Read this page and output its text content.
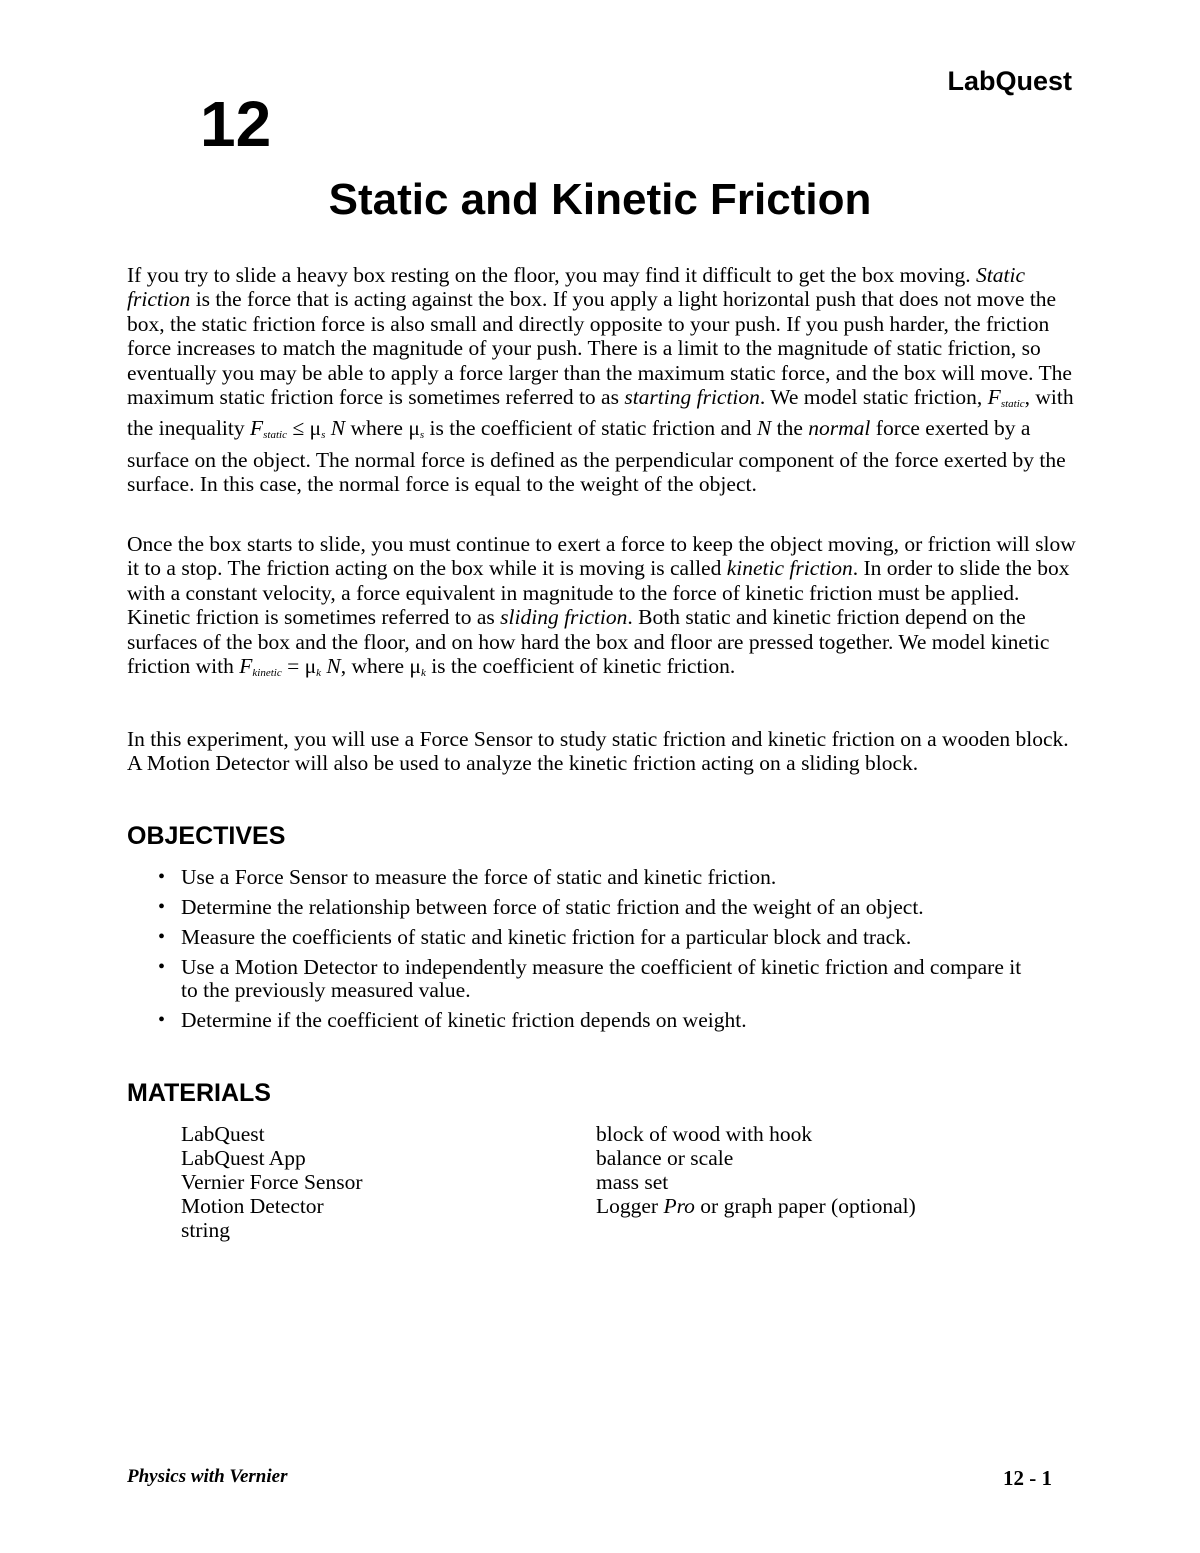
LabQuest

12
Static and Kinetic Friction

If you try to slide a heavy box resting on the floor, you may find it difficult to get the box moving. Static friction is the force that is acting against the box. If you apply a light horizontal push that does not move the box, the static friction force is also small and directly opposite to your push. If you push harder, the friction force increases to match the magnitude of your push. There is a limit to the magnitude of static friction, so eventually you may be able to apply a force larger than the maximum static force, and the box will move. The maximum static friction force is sometimes referred to as starting friction. We model static friction, $F_{static}$, with the inequality $F_{static} \le \mu_s$ N where $\mu_s$ is the coefficient of static friction and N the normal force exerted by a surface on the object. The normal force is defined as the perpendicular component of the force exerted by the surface. In this case, the normal force is equal to the weight of the object.

Once the box starts to slide, you must continue to exert a force to keep the object moving, or friction will slow it to a stop. The friction acting on the box while it is moving is called kinetic friction. In order to slide the box with a constant velocity, a force equivalent in magnitude to the force of kinetic friction must be applied. Kinetic friction is sometimes referred to as sliding friction. Both static and kinetic friction depend on the surfaces of the box and the floor, and on how hard the box and floor are pressed together. We model kinetic friction with $F_{kinetic} = \mu_k$ N, where $\mu_k$ is the coefficient of kinetic friction.

In this experiment, you will use a Force Sensor to study static friction and kinetic friction on a wooden block. A Motion Detector will also be used to analyze the kinetic friction acting on a sliding block.

OBJECTIVES
• Use a Force Sensor to measure the force of static and kinetic friction.
• Determine the relationship between force of static friction and the weight of an object.
• Measure the coefficients of static and kinetic friction for a particular block and track.
• Use a Motion Detector to independently measure the coefficient of kinetic friction and compare it to the previously measured value.
• Determine if the coefficient of kinetic friction depends on weight.
MATERIALS
LabQuest
LabQuest App
Vernier Force Sensor
Motion Detector
string
block of wood with hook
balance or scale
mass set
Logger Pro or graph paper (optional)

Physics with Vernier	12 - 1
